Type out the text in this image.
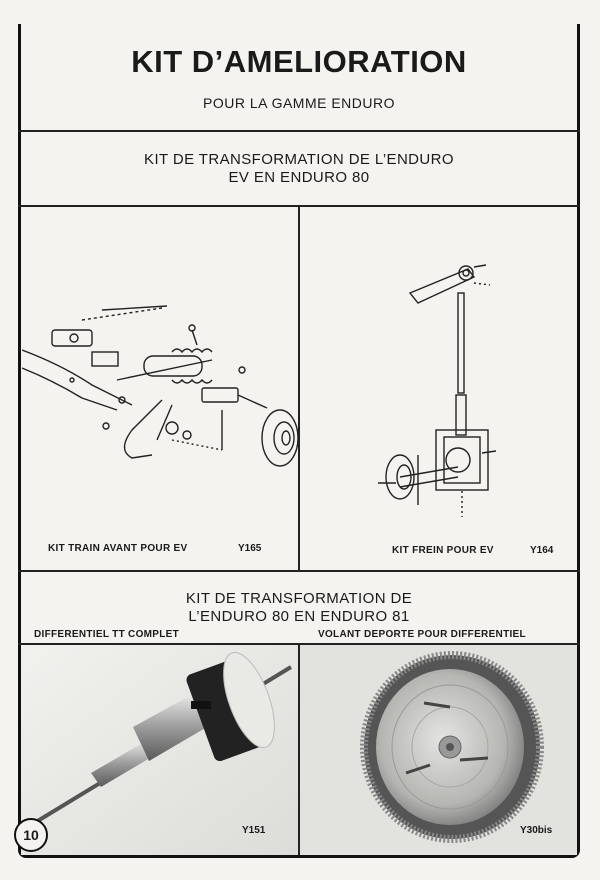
KIT D’AMELIORATION
POUR LA GAMME ENDURO
KIT DE TRANSFORMATION DE L’ENDURO
EV EN ENDURO 80
KIT TRAIN AVANT POUR EV	Y165	KIT FREIN POUR EV	Y164
KIT DE TRANSFORMATION DE
L’ENDURO 80 EN ENDURO 81
DIFFERENTIEL TT COMPLET	VOLANT DEPORTE POUR DIFFERENTIEL
Y151	Y30bis
10
